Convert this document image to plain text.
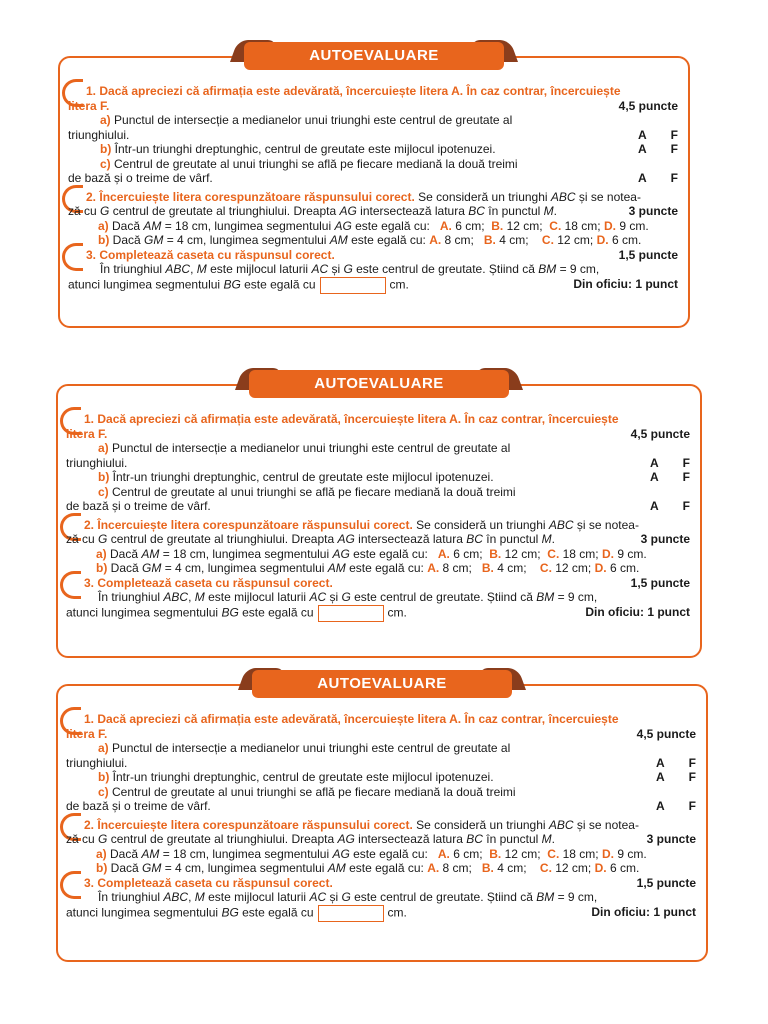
AUTOEVALUARE
1. Dacă apreciezi că afirmația este adevărată, încercuiește litera A. În caz contrar, încercuiește
litera F.	4,5 puncte
a) Punctul de intersecție a medianelor unui triunghi este centrul de greutate al
triunghiului.	A F
b) Într-un triunghi dreptunghic, centrul de greutate este mijlocul ipotenuzei.	A F
c) Centrul de greutate al unui triunghi se află pe fiecare mediană la două treimi
de bază și o treime de vârf.	A F
2. Încercuiește litera corespunzătoare răspunsului corect. Se consideră un triunghi ABC și se notea-
ză cu G centrul de greutate al triunghiului. Dreapta AG intersectează latura BC în punctul M.	3 puncte
a) Dacă AM = 18 cm, lungimea segmentului AG este egală cu: A. 6 cm; B. 12 cm; C. 18 cm; D. 9 cm.
b) Dacă GM = 4 cm, lungimea segmentului AM este egală cu: A. 8 cm; B. 4 cm; C. 12 cm; D. 6 cm.
3. Completează caseta cu răspunsul corect.	1,5 puncte
În triunghiul ABC, M este mijlocul laturii AC și G este centrul de greutate. Știind că BM = 9 cm,
atunci lungimea segmentului BG este egală cu	cm.	Din oficiu: 1 punct
AUTOEVALUARE
1. Dacă apreciezi că afirmația este adevărată, încercuiește litera A. În caz contrar, încercuiește
litera F.	4,5 puncte
a) Punctul de intersecție a medianelor unui triunghi este centrul de greutate al
triunghiului.	A F
b) Într-un triunghi dreptunghic, centrul de greutate este mijlocul ipotenuzei.	A F
c) Centrul de greutate al unui triunghi se află pe fiecare mediană la două treimi
de bază și o treime de vârf.	A F
2. Încercuiește litera corespunzătoare răspunsului corect. Se consideră un triunghi ABC și se notea-
ză cu G centrul de greutate al triunghiului. Dreapta AG intersectează latura BC în punctul M.	3 puncte
a) Dacă AM = 18 cm, lungimea segmentului AG este egală cu: A. 6 cm; B. 12 cm; C. 18 cm; D. 9 cm.
b) Dacă GM = 4 cm, lungimea segmentului AM este egală cu: A. 8 cm; B. 4 cm; C. 12 cm; D. 6 cm.
3. Completează caseta cu răspunsul corect.	1,5 puncte
În triunghiul ABC, M este mijlocul laturii AC și G este centrul de greutate. Știind că BM = 9 cm,
atunci lungimea segmentului BG este egală cu	cm.	Din oficiu: 1 punct
AUTOEVALUARE
1. Dacă apreciezi că afirmația este adevărată, încercuiește litera A. În caz contrar, încercuiește
litera F.	4,5 puncte
a) Punctul de intersecție a medianelor unui triunghi este centrul de greutate al
triunghiului.	A F
b) Într-un triunghi dreptunghic, centrul de greutate este mijlocul ipotenuzei.	A F
c) Centrul de greutate al unui triunghi se află pe fiecare mediană la două treimi
de bază și o treime de vârf.	A F
2. Încercuiește litera corespunzătoare răspunsului corect. Se consideră un triunghi ABC și se notea-
ză cu G centrul de greutate al triunghiului. Dreapta AG intersectează latura BC în punctul M.	3 puncte
a) Dacă AM = 18 cm, lungimea segmentului AG este egală cu: A. 6 cm; B. 12 cm; C. 18 cm; D. 9 cm.
b) Dacă GM = 4 cm, lungimea segmentului AM este egală cu: A. 8 cm; B. 4 cm; C. 12 cm; D. 6 cm.
3. Completează caseta cu răspunsul corect.	1,5 puncte
În triunghiul ABC, M este mijlocul laturii AC și G este centrul de greutate. Știind că BM = 9 cm,
atunci lungimea segmentului BG este egală cu	cm.	Din oficiu: 1 punct
